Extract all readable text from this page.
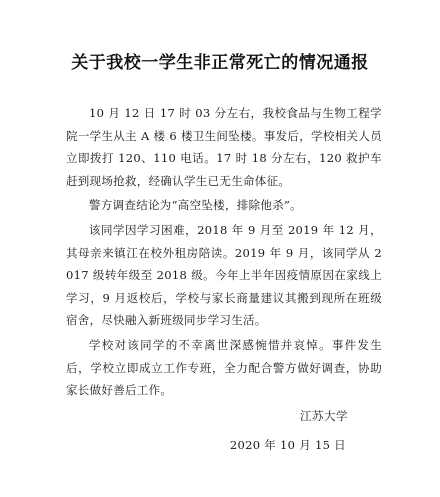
关于我校一学生非正常死亡的情况通报

10 月 12 日 17 时 03 分左右，我校食品与生物工程学院一学生从主 A 楼 6 楼卫生间坠楼。事发后，学校相关人员立即拨打 120、110 电话。17 时 18 分左右，120 救护车赶到现场抢救，经确认学生已无生命体征。

警方调查结论为“高空坠楼，排除他杀”。

该同学因学习困难，2018 年 9 月至 2019 年 12 月，其母亲来镇江在校外租房陪读。2019 年 9 月，该同学从 2017 级转年级至 2018 级。今年上半年因疫情原因在家线上学习，9 月返校后，学校与家长商量建议其搬到现所在班级宿舍，尽快融入新班级同步学习生活。

学校对该同学的不幸离世深感惋惜并哀悼。事件发生后，学校立即成立工作专班，全力配合警方做好调查，协助家长做好善后工作。

江苏大学
2020 年 10 月 15 日
